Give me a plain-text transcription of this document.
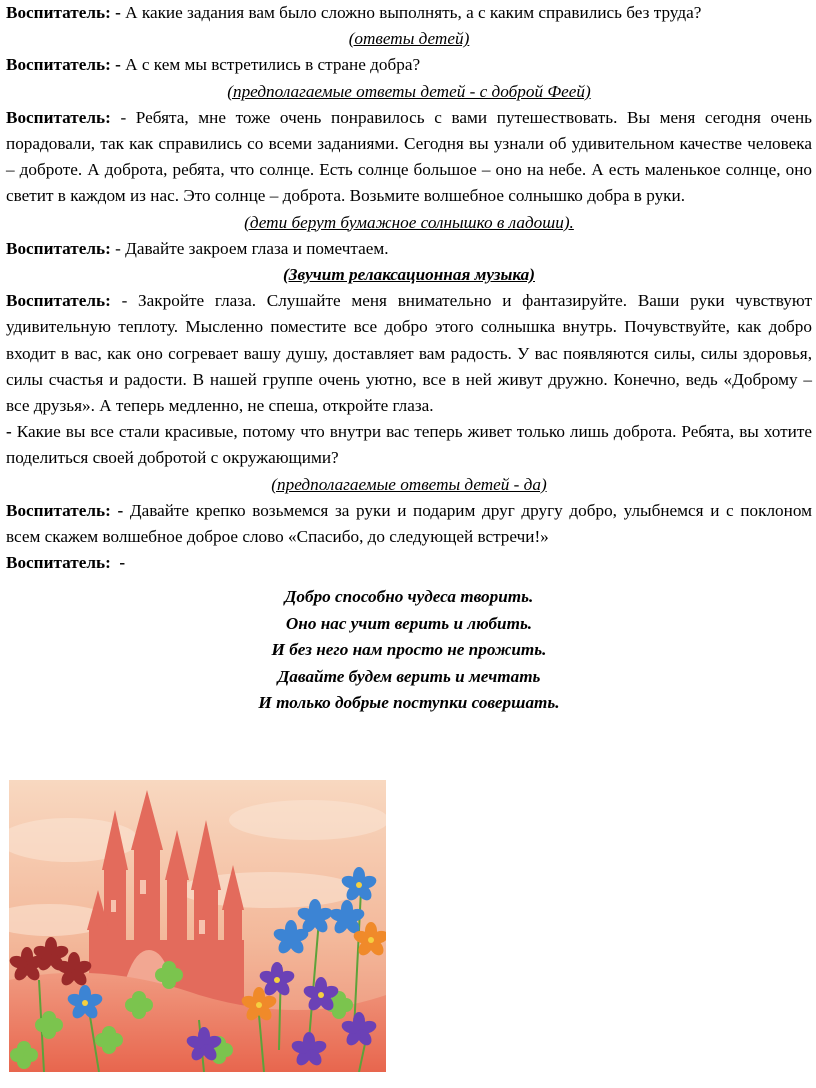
Воспитатель: - А какие задания вам было сложно выполнять, а с каким справились без труда?

(ответы детей)

Воспитатель: - А с кем мы встретились в стране добра?

(предполагаемые ответы детей - с доброй Феей)

Воспитатель: - Ребята, мне тоже очень понравилось с вами путешествовать. Вы меня сегодня очень порадовали, так как справились со всеми заданиями. Сегодня вы узнали об удивительном качестве человека – доброте. А доброта, ребята, что солнце. Есть солнце большое – оно на небе. А есть маленькое солнце, оно светит в каждом из нас. Это солнце – доброта. Возьмите волшебное солнышко добра в руки.

(дети берут бумажное солнышко в ладоши).

Воспитатель: - Давайте закроем глаза и помечтаем.

(Звучит релаксационная музыка)

Воспитатель: - Закройте глаза. Слушайте меня внимательно и фантазируйте. Ваши руки чувствуют удивительную теплоту. Мысленно поместите все добро этого солнышка внутрь. Почувствуйте, как добро входит в вас, как оно согревает вашу душу, доставляет вам радость. У вас появляются силы, силы здоровья, силы счастья и радости. В нашей группе очень уютно, все в ней живут дружно. Конечно, ведь «Доброму – все друзья». А теперь медленно, не спеша, откройте глаза.

- Какие вы все стали красивые, потому что внутри вас теперь живет только лишь доброта. Ребята, вы хотите поделиться своей добротой с окружающими?

(предполагаемые ответы детей - да)

Воспитатель: - Давайте крепко возьмемся за руки и подарим друг другу добро, улыбнемся и с поклоном всем скажем волшебное доброе слово «Спасибо, до следующей встречи!»

Воспитатель:  -

Добро способно чудеса творить.

Оно нас учит верить и любить.

И без него нам просто не прожить.

Давайте будем верить и мечтать

И только добрые поступки совершать.
